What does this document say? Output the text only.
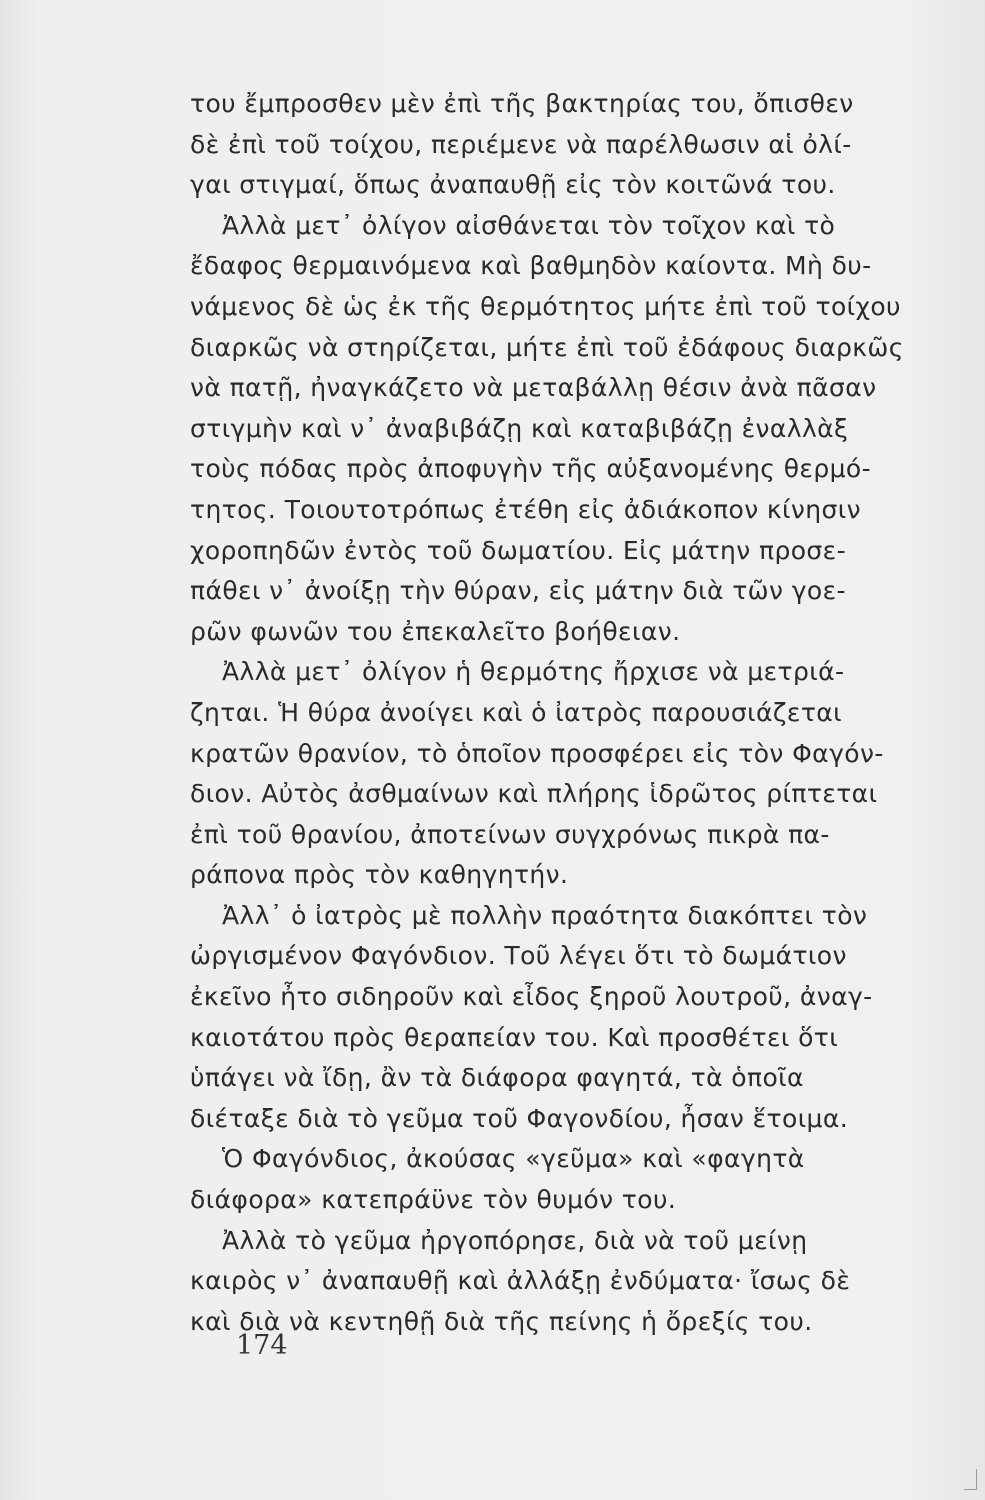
του ἔμπροσθεν μὲν ἐπὶ τῆς βακτηρίας του, ὄπισθεν
δὲ ἐπὶ τοῦ τοίχου, περιέμενε νὰ παρέλθωσιν αἱ ὀλί-
γαι στιγμαί, ὅπως ἀναπαυθῇ εἰς τὸν κοιτῶνά του.
Ἀλλὰ μετ᾽ ὀλίγον αἰσθάνεται τὸν τοῖχον καὶ τὸ
ἔδαφος θερμαινόμενα καὶ βαθμηδὸν καίοντα. Μὴ δυ-
νάμενος δὲ ὡς ἐκ τῆς θερμότητος μήτε ἐπὶ τοῦ τοίχου
διαρκῶς νὰ στηρίζεται, μήτε ἐπὶ τοῦ ἐδάφους διαρκῶς
νὰ πατῇ, ἠναγκάζετο νὰ μεταβάλλῃ θέσιν ἀνὰ πᾶσαν
στιγμὴν καὶ ν᾽ ἀναβιβάζῃ καὶ καταβιβάζῃ ἐναλλὰξ
τοὺς πόδας πρὸς ἀποφυγὴν τῆς αὐξανομένης θερμό-
τητος. Τοιουτοτρόπως ἐτέθη εἰς ἀδιάκοπον κίνησιν
χοροπηδῶν ἐντὸς τοῦ δωματίου. Εἰς μάτην προσε-
πάθει ν᾽ ἀνοίξῃ τὴν θύραν, εἰς μάτην διὰ τῶν γοε-
ρῶν φωνῶν του ἐπεκαλεῖτο βοήθειαν.
Ἀλλὰ μετ᾽ ὀλίγον ἡ θερμότης ἤρχισε νὰ μετριά-
ζηται. Ἡ θύρα ἀνοίγει καὶ ὁ ἰατρὸς παρουσιάζεται
κρατῶν θρανίον, τὸ ὁποῖον προσφέρει εἰς τὸν Φαγόν-
διον. Αὐτὸς ἀσθμαίνων καὶ πλήρης ἱδρῶτος ρίπτεται
ἐπὶ τοῦ θρανίου, ἀποτείνων συγχρόνως πικρὰ πα-
ράπονα πρὸς τὸν καθηγητήν.
Ἀλλ᾽ ὁ ἰατρὸς μὲ πολλὴν πραότητα διακόπτει τὸν
ὠργισμένον Φαγόνδιον. Τοῦ λέγει ὅτι τὸ δωμάτιον
ἐκεῖνο ἦτο σιδηροῦν καὶ εἶδος ξηροῦ λουτροῦ, ἀναγ-
καιοτάτου πρὸς θεραπείαν του. Καὶ προσθέτει ὅτι
ὑπάγει νὰ ἴδῃ, ἂν τὰ διάφορα φαγητά, τὰ ὁποῖα
διέταξε διὰ τὸ γεῦμα τοῦ Φαγονδίου, ἦσαν ἕτοιμα.
Ὁ Φαγόνδιος, ἀκούσας «γεῦμα» καὶ «φαγητὰ
διάφορα» κατεπράϋνε τὸν θυμόν του.
Ἀλλὰ τὸ γεῦμα ἠργοπόρησε, διὰ νὰ τοῦ μείνῃ
καιρὸς ν᾽ ἀναπαυθῇ καὶ ἀλλάξῃ ἐνδύματα· ἴσως δὲ
καὶ διὰ νὰ κεντηθῇ διὰ τῆς πείνης ἡ ὄρεξίς του.
174
